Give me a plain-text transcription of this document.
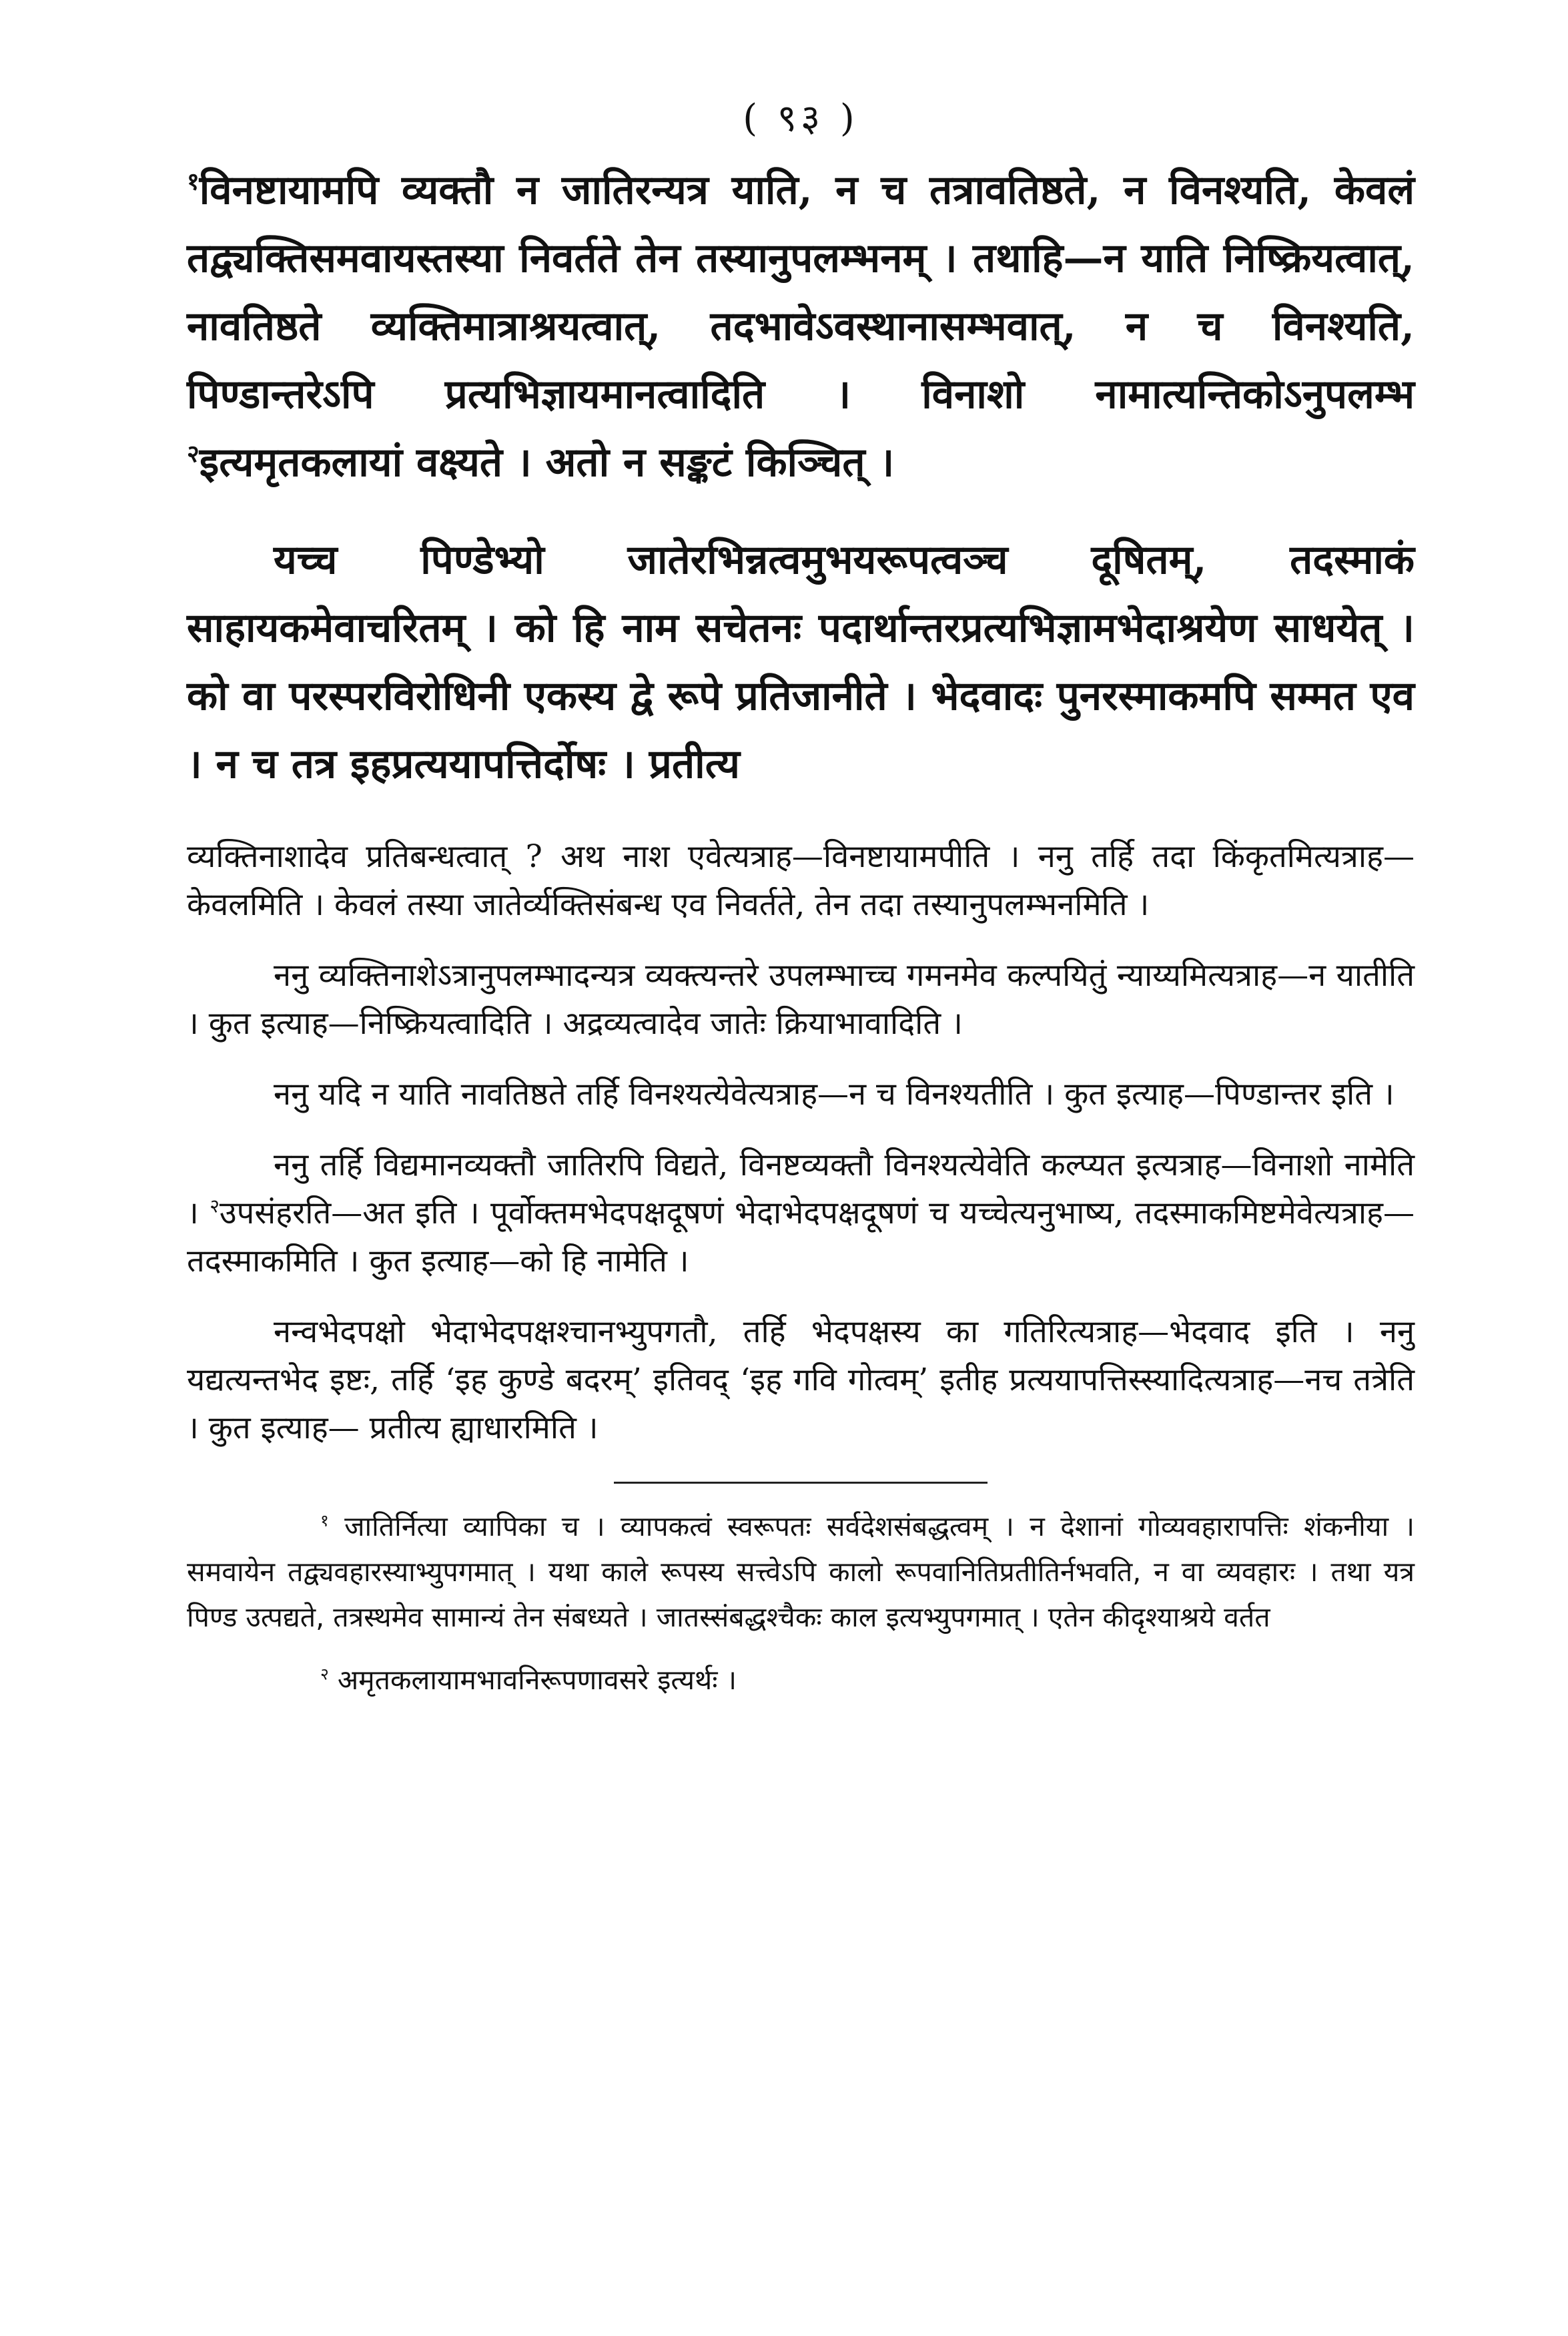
( ९३ )

$^१$विनष्टायामपि व्यक्तौ न जातिरन्यत्र याति, न च तत्रावतिष्ठते, न विनश्यति, केवलं तद्व्यक्तिसमवायस्तस्या निवर्तते तेन तस्यानुपलम्भनम् । तथाहि—न याति निष्क्रियत्वात्, नावतिष्ठते व्यक्तिमात्राश्रयत्वात्, तदभावेऽवस्थानासम्भवात्, न च विनश्यति, पिण्डान्तरेऽपि प्रत्यभिज्ञायमानत्वादिति । विनाशो नामात्यन्तिकोऽनुपलम्भ $^२$इत्यमृतकलायां वक्ष्यते । अतो न सङ्कटं किञ्चित् ।

यच्च पिण्डेभ्यो जातेरभिन्नत्वमुभयरूपत्वञ्च दूषितम्, तदस्माकं साहायकमेवाचरितम् । को हि नाम सचेतनः पदार्थान्तरप्रत्यभिज्ञामभेदाश्रयेण साधयेत् । को वा परस्परविरोधिनी एकस्य द्वे रूपे प्रतिजानीते । भेदवादः पुनरस्माकमपि सम्मत एव । न च तत्र इहप्रत्ययापत्तिर्दोषः । प्रतीत्य

व्यक्तिनाशादेव प्रतिबन्धत्वात् ? अथ नाश एवेत्यत्राह—विनष्टायामपीति । ननु तर्हि तदा किंकृतमित्यत्राह—केवलमिति । केवलं तस्या जातेर्व्यक्तिसंबन्ध एव निवर्तते, तेन तदा तस्यानुपलम्भनमिति ।

ननु व्यक्तिनाशेऽत्रानुपलम्भादन्यत्र व्यक्त्यन्तरे उपलम्भाच्च गमनमेव कल्पयितुं न्याय्यमित्यत्राह—न यातीति । कुत इत्याह—निष्क्रियत्वादिति । अद्रव्यत्वादेव जातेः क्रियाभावादिति ।

ननु यदि न याति नावतिष्ठते तर्हि विनश्यत्येवेत्यत्राह—न च विनश्यतीति । कुत इत्याह—पिण्डान्तर इति ।

ननु तर्हि विद्यमानव्यक्तौ जातिरपि विद्यते, विनष्टव्यक्तौ विनश्यत्येवेति कल्प्यत इत्यत्राह—विनाशो नामेति । $^२$उपसंहरति—अत इति । पूर्वोक्तमभेदपक्षदूषणं भेदाभेदपक्षदूषणं च यच्चेत्यनुभाष्य, तदस्माकमिष्टमेवेत्यत्राह—तदस्माकमिति । कुत इत्याह—को हि नामेति ।

नन्वभेदपक्षो भेदाभेदपक्षश्चानभ्युपगतौ, तर्हि भेदपक्षस्य का गतिरित्यत्राह—भेदवाद इति । ननु यद्यत्यन्तभेद इष्टः, तर्हि ‘इह कुण्डे बदरम्’ इतिवद् ‘इह गवि गोत्वम्’ इतीह प्रत्ययापत्तिस्स्यादित्यत्राह—नच तत्रेति । कुत इत्याह— प्रतीत्य ह्याधारमिति ।

$^१$ जातिर्नित्या व्यापिका च । व्यापकत्वं स्वरूपतः सर्वदेशसंबद्धत्वम् । न देशानां गोव्यवहारापत्तिः शंकनीया । समवायेन तद्व्यवहारस्याभ्युपगमात् । यथा काले रूपस्य सत्त्वेऽपि कालो रूपवानितिप्रतीतिर्नभवति, न वा व्यवहारः । तथा यत्र पिण्ड उत्पद्यते, तत्रस्थमेव सामान्यं तेन संबध्यते । जातस्संबद्धश्चैकः काल इत्यभ्युपगमात् । एतेन कीदृश्याश्रये वर्तत

$^२$ अमृतकलायामभावनिरूपणावसरे इत्यर्थः ।
